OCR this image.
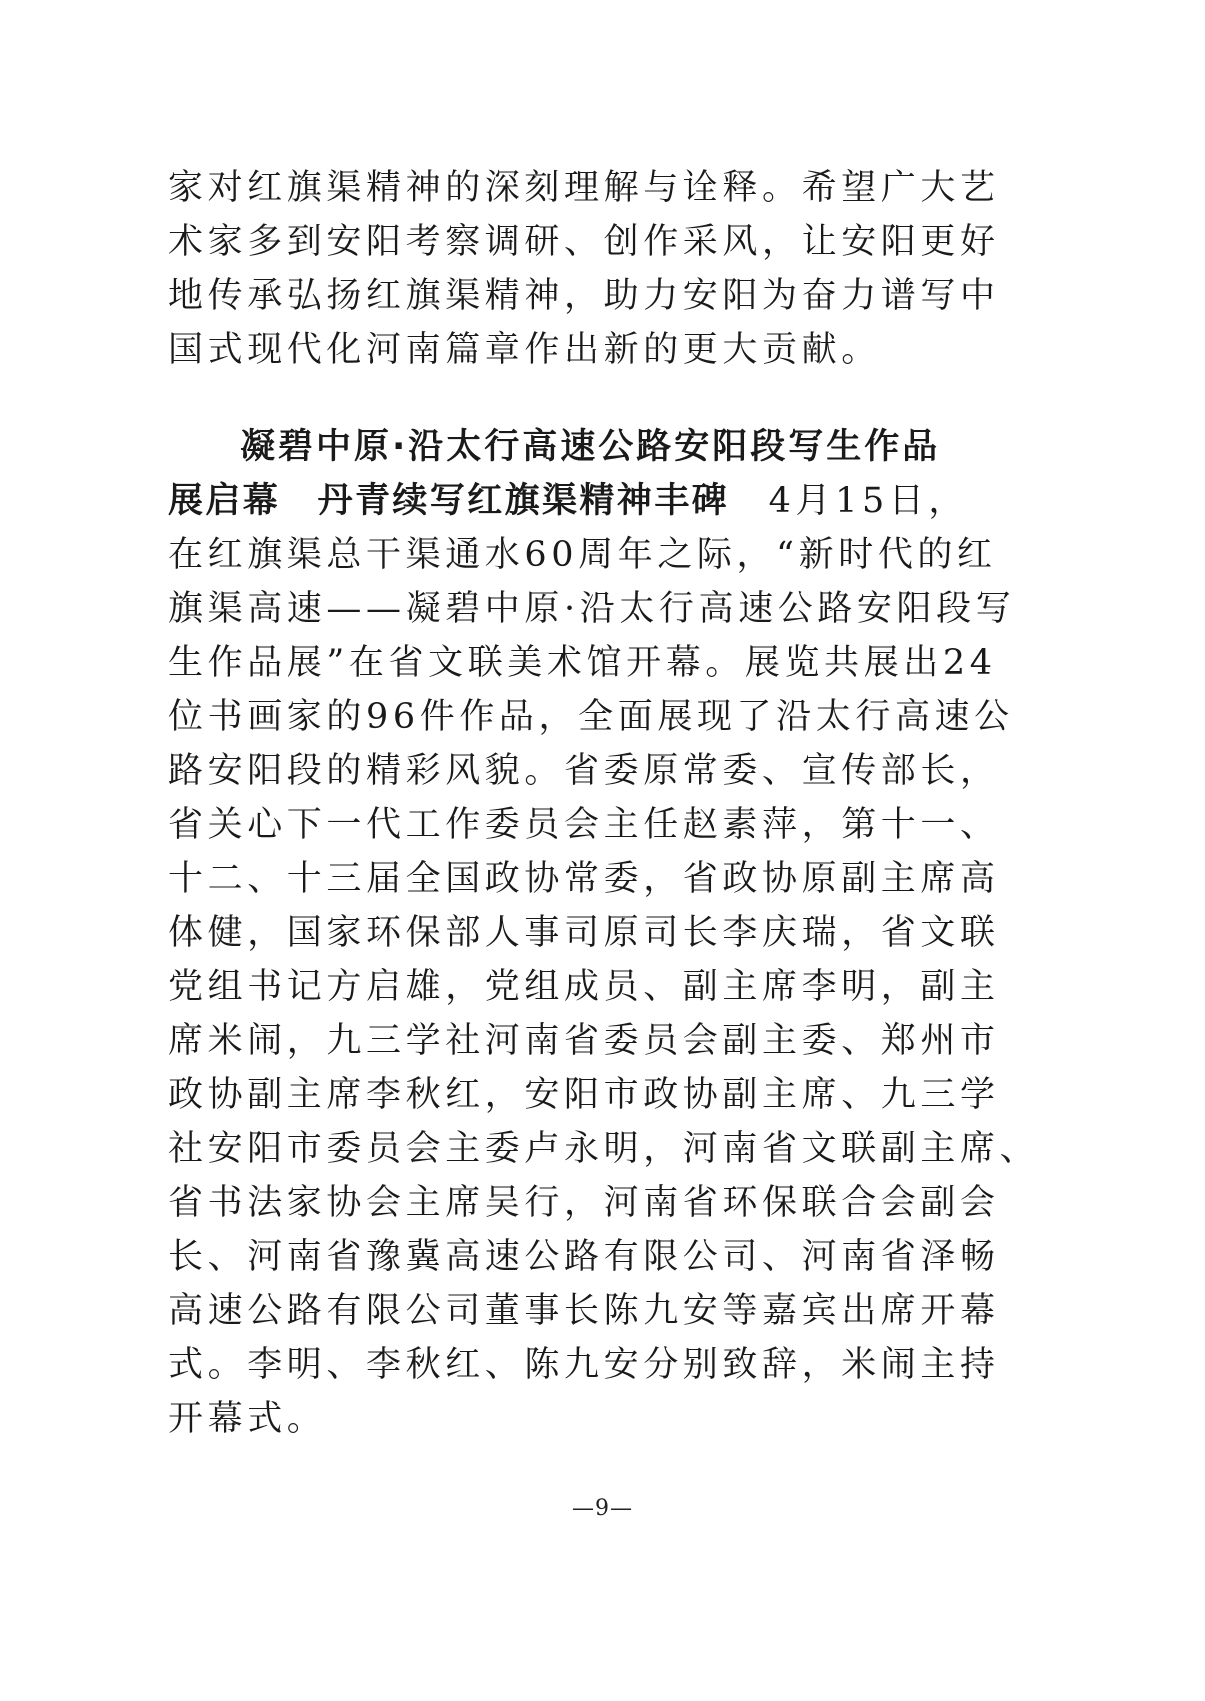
家对红旗渠精神的深刻理解与诠释。希望广大艺
术家多到安阳考察调研、创作采风，让安阳更好
地传承弘扬红旗渠精神，助力安阳为奋力谱写中
国式现代化河南篇章作出新的更大贡献。
凝碧中原·沿太行高速公路安阳段写生作品
展启幕　丹青续写红旗渠精神丰碑　4月15日，
在红旗渠总干渠通水60周年之际，“新时代的红
旗渠高速——凝碧中原·沿太行高速公路安阳段写
生作品展”在省文联美术馆开幕。展览共展出24
位书画家的96件作品，全面展现了沿太行高速公
路安阳段的精彩风貌。省委原常委、宣传部长，
省关心下一代工作委员会主任赵素萍，第十一、
十二、十三届全国政协常委，省政协原副主席高
体健，国家环保部人事司原司长李庆瑞，省文联
党组书记方启雄，党组成员、副主席李明，副主
席米闹，九三学社河南省委员会副主委、郑州市
政协副主席李秋红，安阳市政协副主席、九三学
社安阳市委员会主委卢永明，河南省文联副主席、
省书法家协会主席吴行，河南省环保联合会副会
长、河南省豫冀高速公路有限公司、河南省泽畅
高速公路有限公司董事长陈九安等嘉宾出席开幕
式。李明、李秋红、陈九安分别致辞，米闹主持
开幕式。
—9—
